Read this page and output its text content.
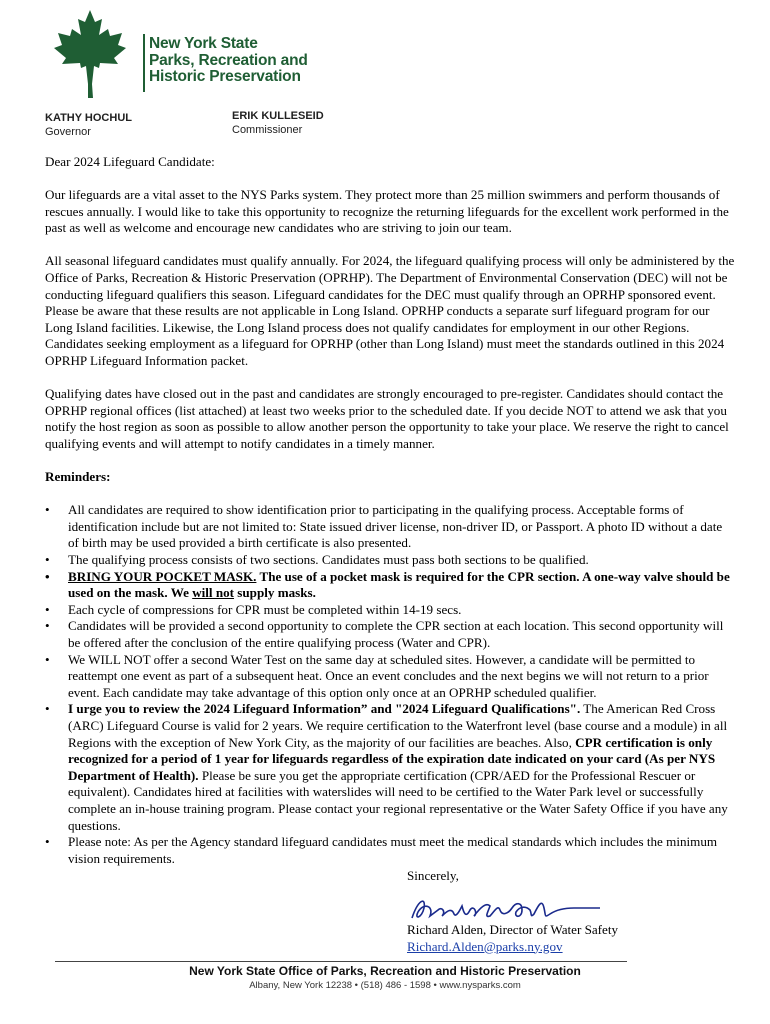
New York State
Parks, Recreation and
Historic Preservation
KATHY HOCHUL
Governor
ERIK KULLESEID
Commissioner

Dear 2024 Lifeguard Candidate:

Our lifeguards are a vital asset to the NYS Parks system. They protect more than 25 million swimmers and perform thousands of rescues annually. I would like to take this opportunity to recognize the returning lifeguards for the excellent work performed in the past as well as welcome and encourage new candidates who are striving to join our team.

All seasonal lifeguard candidates must qualify annually. For 2024, the lifeguard qualifying process will only be administered by the Office of Parks, Recreation & Historic Preservation (OPRHP). The Department of Environmental Conservation (DEC) will not be conducting lifeguard qualifiers this season. Lifeguard candidates for the DEC must qualify through an OPRHP sponsored event. Please be aware that these results are not applicable in Long Island. OPRHP conducts a separate surf lifeguard program for our Long Island facilities. Likewise, the Long Island process does not qualify candidates for employment in our other Regions. Candidates seeking employment as a lifeguard for OPRHP (other than Long Island) must meet the standards outlined in this 2024 OPRHP Lifeguard Information packet.

Qualifying dates have closed out in the past and candidates are strongly encouraged to pre-register. Candidates should contact the OPRHP regional offices (list attached) at least two weeks prior to the scheduled date. If you decide NOT to attend we ask that you notify the host region as soon as possible to allow another person the opportunity to take your place. We reserve the right to cancel qualifying events and will attempt to notify candidates in a timely manner.

Reminders:

• All candidates are required to show identification prior to participating in the qualifying process. Acceptable forms of identification include but are not limited to: State issued driver license, non-driver ID, or Passport. A photo ID without a date of birth may be used provided a birth certificate is also presented.
• The qualifying process consists of two sections. Candidates must pass both sections to be qualified.
• BRING YOUR POCKET MASK. The use of a pocket mask is required for the CPR section. A one-way valve should be used on the mask. We will not supply masks.
• Each cycle of compressions for CPR must be completed within 14-19 secs.
• Candidates will be provided a second opportunity to complete the CPR section at each location. This second opportunity will be offered after the conclusion of the entire qualifying process (Water and CPR).
• We WILL NOT offer a second Water Test on the same day at scheduled sites. However, a candidate will be permitted to reattempt one event as part of a subsequent heat. Once an event concludes and the next begins we will not return to a prior event. Each candidate may take advantage of this option only once at an OPRHP scheduled qualifier.
• I urge you to review the 2024 Lifeguard Information” and "2024 Lifeguard Qualifications". The American Red Cross (ARC) Lifeguard Course is valid for 2 years. We require certification to the Waterfront level (base course and a module) in all Regions with the exception of New York City, as the majority of our facilities are beaches. Also, CPR certification is only recognized for a period of 1 year for lifeguards regardless of the expiration date indicated on your card (As per NYS Department of Health). Please be sure you get the appropriate certification (CPR/AED for the Professional Rescuer or equivalent). Candidates hired at facilities with waterslides will need to be certified to the Water Park level or successfully complete an in-house training program. Please contact your regional representative or the Water Safety Office if you have any questions.
• Please note: As per the Agency standard lifeguard candidates must meet the medical standards which includes the minimum vision requirements.
Sincerely,
Richard Alden, Director of Water Safety
Richard.Alden@parks.ny.gov
New York State Office of Parks, Recreation and Historic Preservation
Albany, New York 12238 • (518) 486 - 1598 • www.nysparks.com
